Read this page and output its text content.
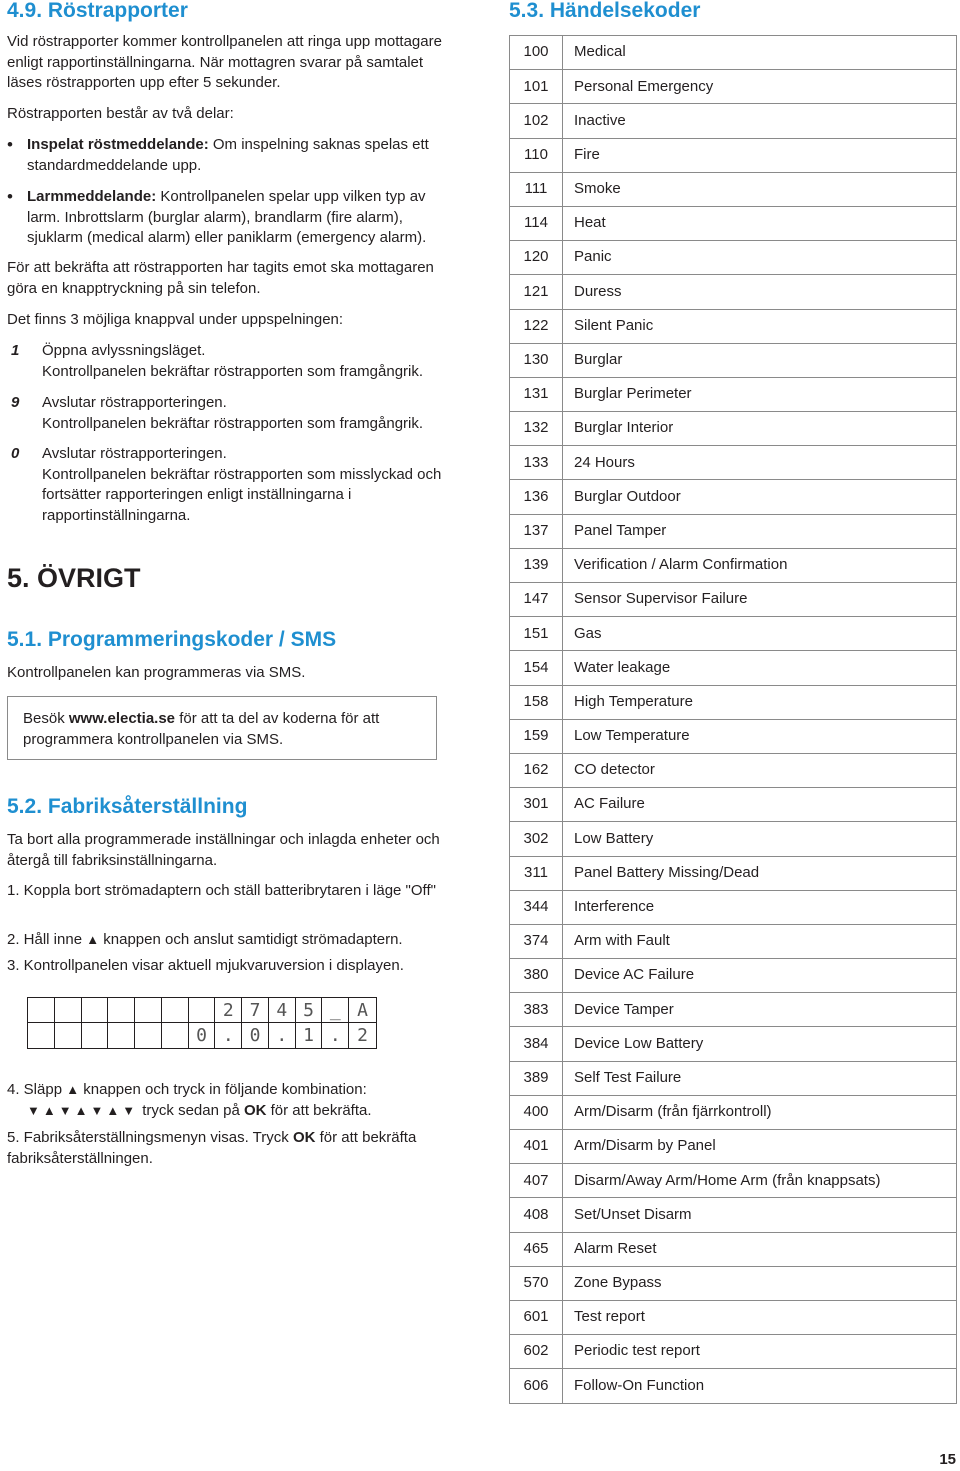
4.9. Röstrapporter

Vid röstrapporter kommer kontrollpanelen att ringa upp mottagare enligt rapportinställningarna. När mottagren svarar på samtalet läses röstrapporten upp efter 5 sekunder.

Röstrapporten består av två delar:

• Inspelat röstmeddelande: Om inspelning saknas spelas ett standardmeddelande upp.

• Larmmeddelande: Kontrollpanelen spelar upp vilken typ av larm. Inbrottslarm (burglar alarm), brandlarm (fire alarm), sjuklarm (medical alarm) eller paniklarm (emergency alarm).

För att bekräfta att röstrapporten har tagits emot ska mottagaren göra en knapptryckning på sin telefon.

Det finns 3 möjliga knappval under uppspelningen:

1 Öppna avlyssningsläget.
Kontrollpanelen bekräftar röstrapporten som framgångrik.
9 Avslutar röstrapporteringen.
Kontrollpanelen bekräftar röstrapporten som framgångrik.
0 Avslutar röstrapporteringen.
Kontrollpanelen bekräftar röstrapporten som misslyckad och fortsätter rapporteringen enligt inställningarna i rapportinställningarna.
5. ÖVRIGT
5.1. Programmeringskoder / SMS

Kontrollpanelen kan programmeras via SMS.

Besök www.electia.se för att ta del av koderna för att programmera kontrollpanelen via SMS.

5.2. Fabriksåterställning

Ta bort alla programmerade inställningar och inlagda enheter och återgå till fabriksinställningarna.

1. Koppla bort strömadaptern och ställ batteribrytaren i läge "Off"

2. Håll inne ▲ knappen och anslut samtidigt strömadaptern.

3. Kontrollpanelen visar aktuell mjukvaruversion i displayen.

2 7 4 5 _ A
0 . 0 . 1 . 2

4. Släpp ▲ knappen och tryck in följande kombination:
▼▲▼▲▼▲▼ tryck sedan på OK för att bekräfta.

5. Fabriksåterställningsmenyn visas. Tryck OK för att bekräfta fabriksåterställningen.

5.3. Händelsekoder
100	Medical
101	Personal Emergency
102	Inactive
110	Fire
111	Smoke
114	Heat
120	Panic
121	Duress
122	Silent Panic
130	Burglar
131	Burglar Perimeter
132	Burglar Interior
133	24 Hours
136	Burglar Outdoor
137	Panel Tamper
139	Verification / Alarm Confirmation
147	Sensor Supervisor Failure
151	Gas
154	Water leakage
158	High Temperature
159	Low Temperature
162	CO detector
301	AC Failure
302	Low Battery
311	Panel Battery Missing/Dead
344	Interference
374	Arm with Fault
380	Device AC Failure
383	Device Tamper
384	Device Low Battery
389	Self Test Failure
400	Arm/Disarm (från fjärrkontroll)
401	Arm/Disarm by Panel
407	Disarm/Away Arm/Home Arm (från knappsats)
408	Set/Unset Disarm
465	Alarm Reset
570	Zone Bypass
601	Test report
602	Periodic test report
606	Follow-On Function
15
